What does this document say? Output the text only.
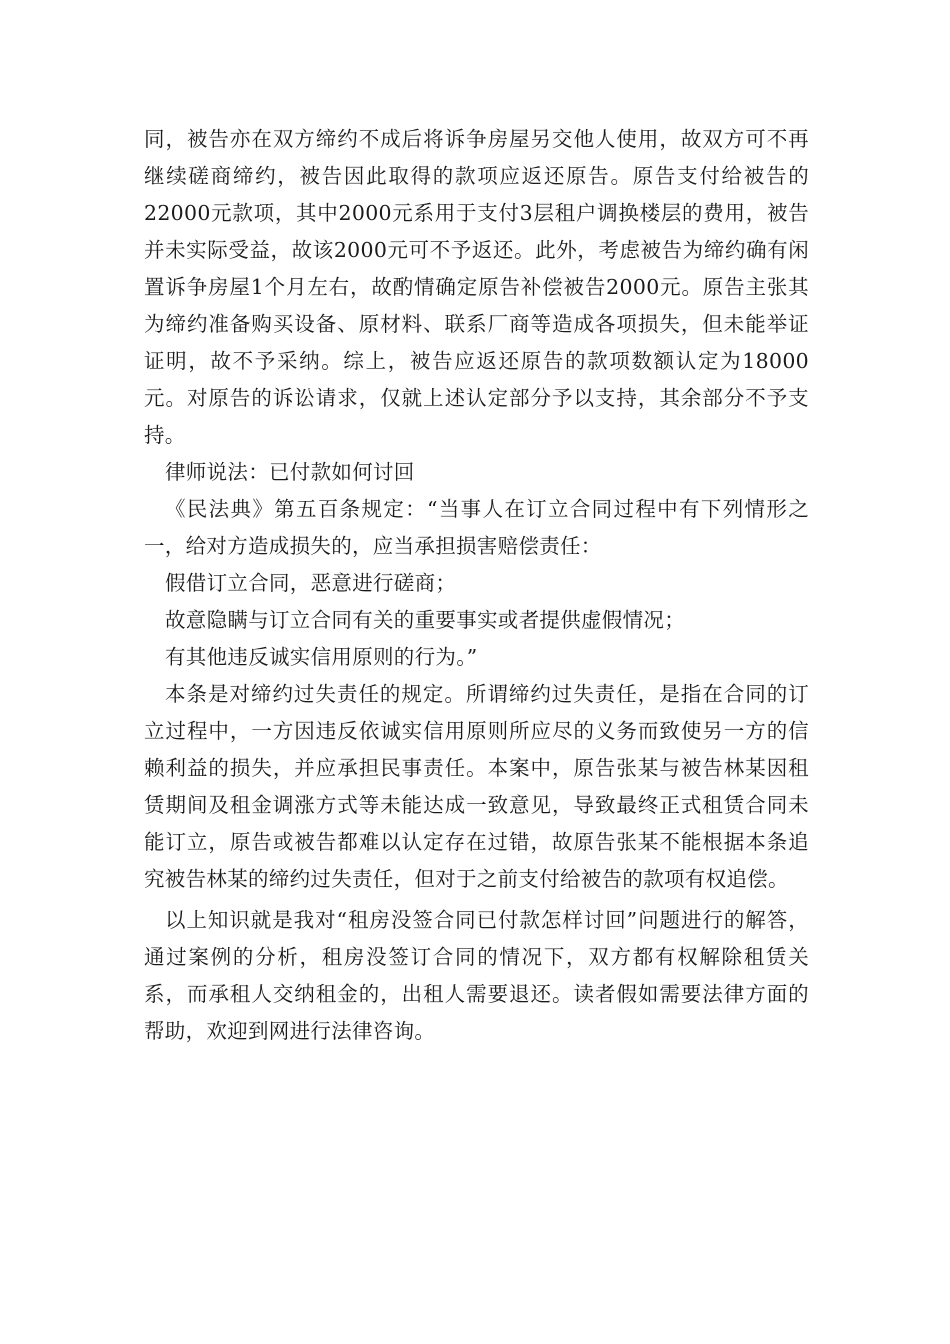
同，被告亦在双方缔约不成后将诉争房屋另交他人使用，故双方可不再继续磋商缔约，被告因此取得的款项应返还原告。原告支付给被告的22000元款项，其中2000元系用于支付3层租户调换楼层的费用，被告并未实际受益，故该2000元可不予返还。此外，考虑被告为缔约确有闲置诉争房屋1个月左右，故酌情确定原告补偿被告2000元。原告主张其为缔约准备购买设备、原材料、联系厂商等造成各项损失，但未能举证证明，故不予采纳。综上，被告应返还原告的款项数额认定为18000元。对原告的诉讼请求，仅就上述认定部分予以支持，其余部分不予支持。

律师说法：已付款如何讨回

《民法典》第五百条规定：“当事人在订立合同过程中有下列情形之一，给对方造成损失的，应当承担损害赔偿责任：

假借订立合同，恶意进行磋商；

故意隐瞒与订立合同有关的重要事实或者提供虚假情况；

有其他违反诚实信用原则的行为。”

本条是对缔约过失责任的规定。所谓缔约过失责任，是指在合同的订立过程中，一方因违反依诚实信用原则所应尽的义务而致使另一方的信赖利益的损失，并应承担民事责任。本案中，原告张某与被告林某因租赁期间及租金调涨方式等未能达成一致意见，导致最终正式租赁合同未能订立，原告或被告都难以认定存在过错，故原告张某不能根据本条追究被告林某的缔约过失责任，但对于之前支付给被告的款项有权追偿。

以上知识就是我对“租房没签合同已付款怎样讨回”问题进行的解答，通过案例的分析，租房没签订合同的情况下，双方都有权解除租赁关系，而承租人交纳租金的，出租人需要退还。读者假如需要法律方面的帮助，欢迎到网进行法律咨询。
